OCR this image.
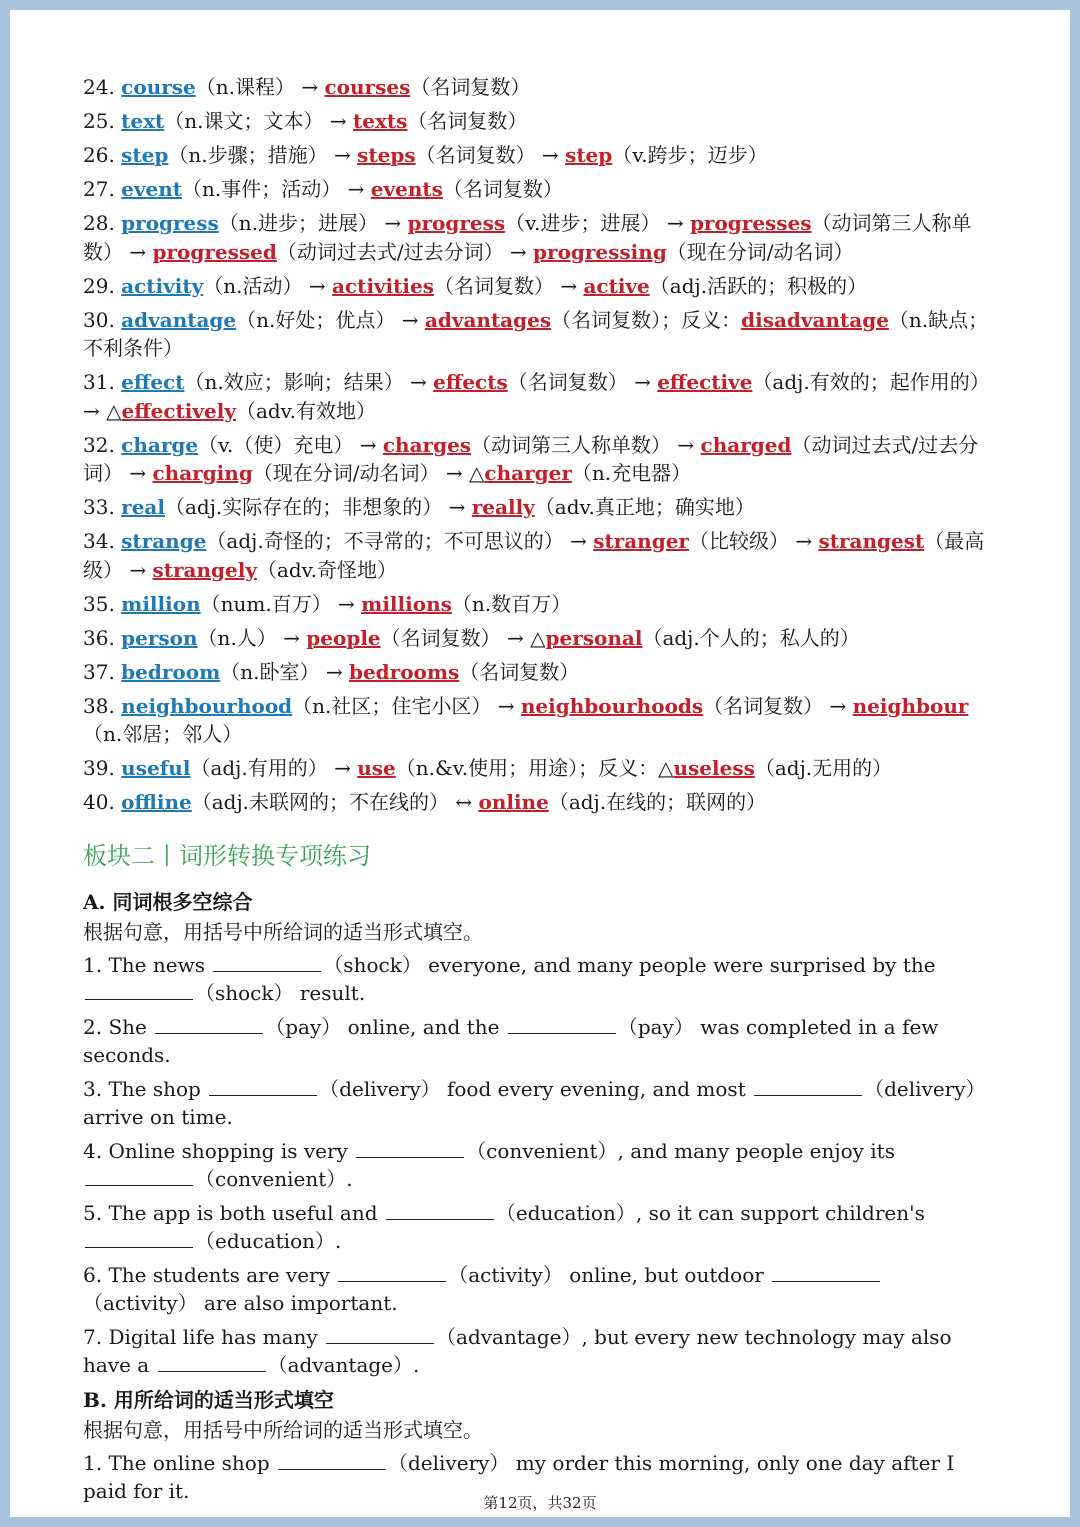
24. course（n.课程） → courses（名词复数）
25. text（n.课文；文本） → texts（名词复数）
26. step（n.步骤；措施） → steps（名词复数） → step（v.跨步；迈步）
27. event（n.事件；活动） → events（名词复数）
28. progress（n.进步；进展） → progress（v.进步；进展） → progresses（动词第三人称单数） → progressed（动词过去式/过去分词） → progressing（现在分词/动名词）
29. activity（n.活动） → activities（名词复数） → active（adj.活跃的；积极的）
30. advantage（n.好处；优点） → advantages（名词复数）；反义：disadvantage（n.缺点；不利条件）
31. effect（n.效应；影响；结果） → effects（名词复数） → effective（adj.有效的；起作用的） → △effectively（adv.有效地）
32. charge（v.（使）充电） → charges（动词第三人称单数） → charged（动词过去式/过去分词） → charging（现在分词/动名词） → △charger（n.充电器）
33. real（adj.实际存在的；非想象的） → really（adv.真正地；确实地）
34. strange（adj.奇怪的；不寻常的；不可思议的） → stranger（比较级） → strangest（最高级） → strangely（adv.奇怪地）
35. million（num.百万） → millions（n.数百万）
36. person（n.人） → people（名词复数） → △personal（adj.个人的；私人的）
37. bedroom（n.卧室） → bedrooms（名词复数）
38. neighbourhood（n.社区；住宅小区） → neighbourhoods（名词复数） → neighbour（n.邻居；邻人）
39. useful（adj.有用的） → use（n.&v.使用；用途）；反义：△useless（adj.无用的）
40. offline（adj.未联网的；不在线的） ↔ online（adj.在线的；联网的）
板块二丨词形转换专项练习
A. 同词根多空综合
根据句意，用括号中所给词的适当形式填空。
1. The news	（shock） everyone, and many people were surprised by the （shock） result.
2. She	（pay） online, and the	（pay） was completed in a few seconds.
3. The shop	（delivery） food every evening, and most	（delivery） arrive on time.
4. Online shopping is very	（convenient）, and many people enjoy its （convenient）.
5. The app is both useful and	（education）, so it can support children's （education）.
6. The students are very	（activity） online, but outdoor （activity） are also important.
7. Digital life has many	（advantage）, but every new technology may also have a	（advantage）.
B. 用所给词的适当形式填空
根据句意，用括号中所给词的适当形式填空。
1. The online shop	（delivery） my order this morning, only one day after I paid for it.	第12页，共32页
